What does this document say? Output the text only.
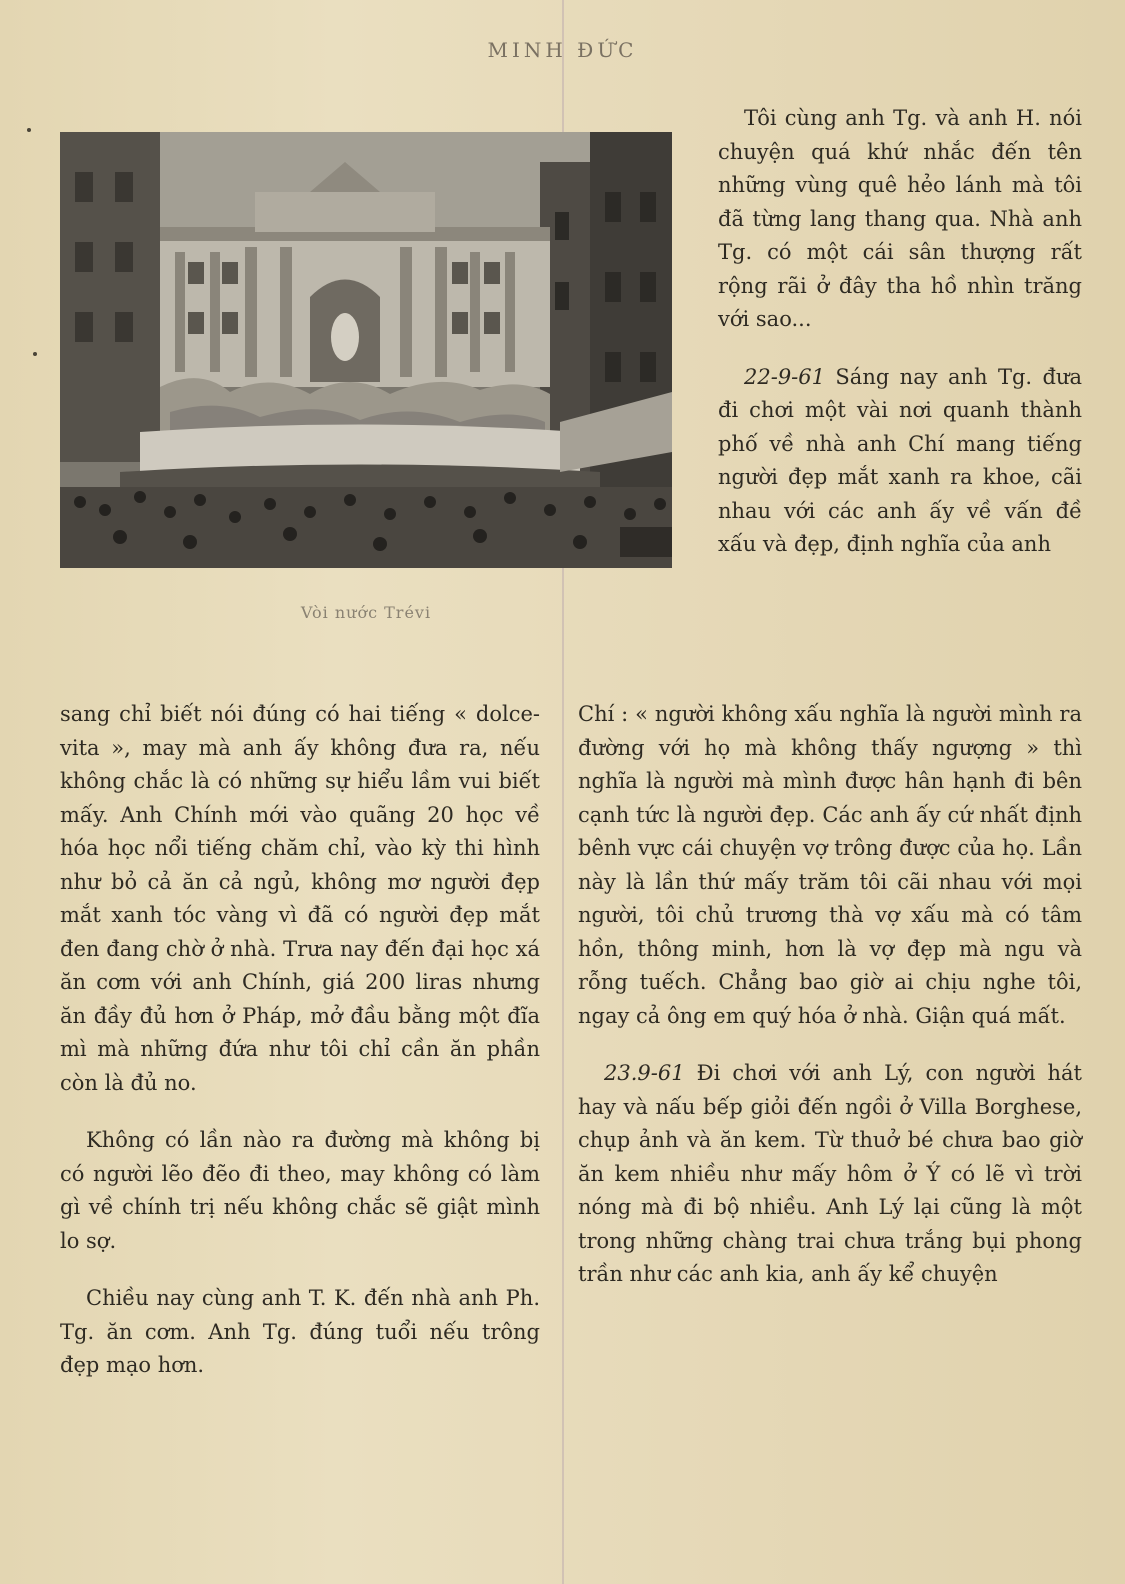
MINH ĐỨC
Vòi nước Trévi

Tôi cùng anh Tg. và anh H. nói chuyện quá khứ nhắc đến tên những vùng quê hẻo lánh mà tôi đã từng lang thang qua. Nhà anh Tg. có một cái sân thượng rất rộng rãi ở đây tha hồ nhìn trăng với sao...

22-9-61 Sáng nay anh Tg. đưa đi chơi một vài nơi quanh thành phố về nhà anh Chí mang tiếng người đẹp mắt xanh ra khoe, cãi nhau với các anh ấy về vấn đề xấu và đẹp, định nghĩa của anh

sang chỉ biết nói đúng có hai tiếng « dolce-vita », may mà anh ấy không đưa ra, nếu không chắc là có những sự hiểu lầm vui biết mấy. Anh Chính mới vào quãng 20 học về hóa học nổi tiếng chăm chỉ, vào kỳ thi hình như bỏ cả ăn cả ngủ, không mơ người đẹp mắt xanh tóc vàng vì đã có người đẹp mắt đen đang chờ ở nhà. Trưa nay đến đại học xá ăn cơm với anh Chính, giá 200 liras nhưng ăn đầy đủ hơn ở Pháp, mở đầu bằng một đĩa mì mà những đứa như tôi chỉ cần ăn phần còn là đủ no.

Không có lần nào ra đường mà không bị có người lẽo đẽo đi theo, may không có làm gì về chính trị nếu không chắc sẽ giật mình lo sợ.

Chiều nay cùng anh T. K. đến nhà anh Ph. Tg. ăn cơm. Anh Tg. đúng tuổi nếu trông đẹp mạo hơn.

Chí : « người không xấu nghĩa là người mình ra đường với họ mà không thấy ngượng » thì nghĩa là người mà mình được hân hạnh đi bên cạnh tức là người đẹp. Các anh ấy cứ nhất định bênh vực cái chuyện vợ trông được của họ. Lần này là lần thứ mấy trăm tôi cãi nhau với mọi người, tôi chủ trương thà vợ xấu mà có tâm hồn, thông minh, hơn là vợ đẹp mà ngu và rỗng tuếch. Chẳng bao giờ ai chịu nghe tôi, ngay cả ông em quý hóa ở nhà. Giận quá mất.

23.9-61 Đi chơi với anh Lý, con người hát hay và nấu bếp giỏi đến ngồi ở Villa Borghese, chụp ảnh và ăn kem. Từ thuở bé chưa bao giờ ăn kem nhiều như mấy hôm ở Ý có lẽ vì trời nóng mà đi bộ nhiều. Anh Lý lại cũng là một trong những chàng trai chưa trắng bụi phong trần như các anh kia, anh ấy kể chuyện
